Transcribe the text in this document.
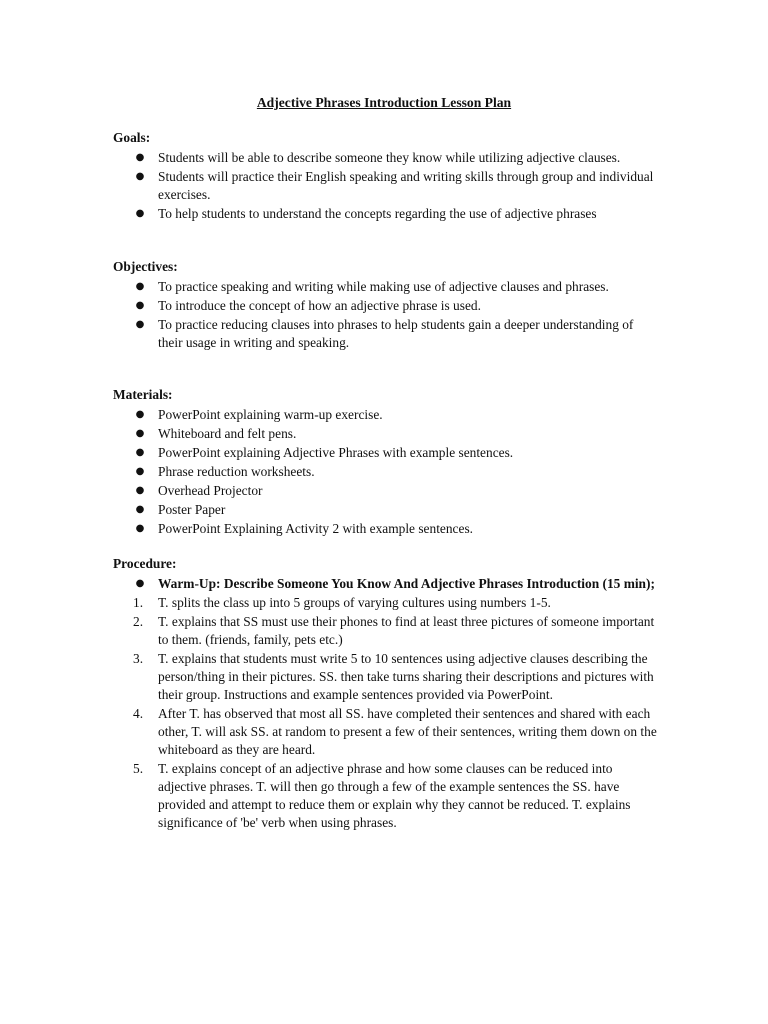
Adjective Phrases Introduction Lesson Plan
Goals:
● Students will be able to describe someone they know while utilizing adjective clauses.
● Students will practice their English speaking and writing skills through group and individual exercises.
● To help students to understand the concepts regarding the use of adjective phrases
Objectives:
● To practice speaking and writing while making use of adjective clauses and phrases.
● To introduce the concept of how an adjective phrase is used.
● To practice reducing clauses into phrases to help students gain a deeper understanding of their usage in writing and speaking.
Materials:
● PowerPoint explaining warm-up exercise.
● Whiteboard and felt pens.
● PowerPoint explaining Adjective Phrases with example sentences.
● Phrase reduction worksheets.
● Overhead Projector
● Poster Paper
● PowerPoint Explaining Activity 2 with example sentences.
Procedure:
● Warm-Up: Describe Someone You Know And Adjective Phrases Introduction (15 min);
1.	T. splits the class up into 5 groups of varying cultures using numbers 1-5.
2.	T. explains that SS must use their phones to find at least three pictures of someone important to them. (friends, family, pets etc.)
3.	T. explains that students must write 5 to 10 sentences using adjective clauses describing the person/thing in their pictures. SS. then take turns sharing their descriptions and pictures with their group. Instructions and example sentences provided via PowerPoint.
4.	After T. has observed that most all SS. have completed their sentences and shared with each other, T. will ask SS. at random to present a few of their sentences, writing them down on the whiteboard as they are heard.
5.	T. explains concept of an adjective phrase and how some clauses can be reduced into adjective phrases. T. will then go through a few of the example sentences the SS. have provided and attempt to reduce them or explain why they cannot be reduced. T. explains significance of 'be' verb when using phrases.
